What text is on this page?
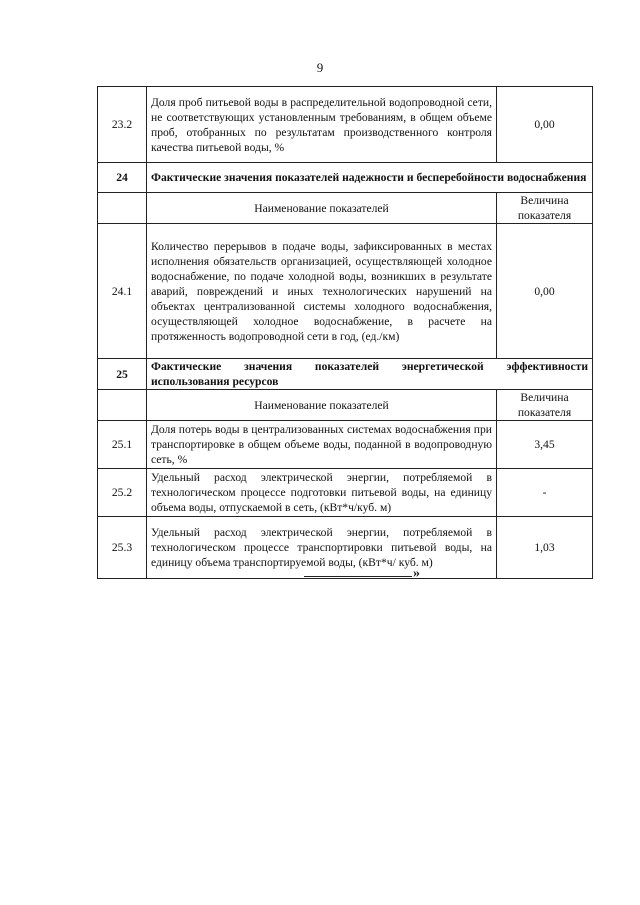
9
23.2	Доля проб питьевой воды в распределительной водопроводной сети, не соответствующих установленным требованиям, в общем объеме проб, отобранных по результатам производственного контроля качества питьевой воды, %	0,00
24	Фактические значения показателей надежности и бесперебойности водоснабжения	
	Наименование показателей	Величина показателя
24.1	Количество перерывов в подаче воды, зафиксированных в местах исполнения обязательств организацией, осуществляющей холодное водоснабжение, по подаче холодной воды, возникших в результате аварий, повреждений и иных технологических нарушений на объектах централизованной системы холодного водоснабжения, осуществляющей холодное водоснабжение, в расчете на протяженность водопроводной сети в год, (ед./км)	0,00
25	Фактические значения показателей энергетической эффективности использования ресурсов	
	Наименование показателей	Величина показателя
25.1	Доля потерь воды в централизованных системах водоснабжения при транспортировке в общем объеме воды, поданной в водопроводную сеть, %	3,45
25.2	Удельный расход электрической энергии, потребляемой в технологическом процессе подготовки питьевой воды, на единицу объема воды, отпускаемой в сеть, (кВт*ч/куб. м)	-
25.3	Удельный расход электрической энергии, потребляемой в технологическом процессе транспортировки питьевой воды, на единицу объема транспортируемой воды, (кВт*ч/ куб. м)	1,03
»
